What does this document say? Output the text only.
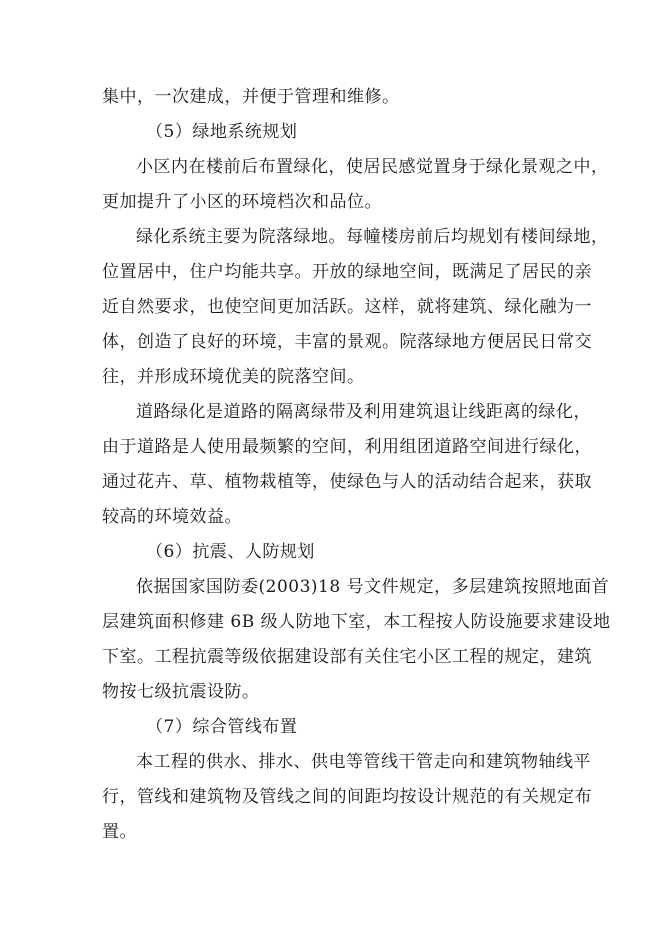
集中，一次建成，并便于管理和维修。
（5）绿地系统规划
小区内在楼前后布置绿化，使居民感觉置身于绿化景观之中，
更加提升了小区的环境档次和品位。
绿化系统主要为院落绿地。每幢楼房前后均规划有楼间绿地，
位置居中，住户均能共享。开放的绿地空间，既满足了居民的亲
近自然要求，也使空间更加活跃。这样，就将建筑、绿化融为一
体，创造了良好的环境，丰富的景观。院落绿地方便居民日常交
往，并形成环境优美的院落空间。
道路绿化是道路的隔离绿带及利用建筑退让线距离的绿化，
由于道路是人使用最频繁的空间，利用组团道路空间进行绿化，
通过花卉、草、植物栽植等，使绿色与人的活动结合起来，获取
较高的环境效益。
（6）抗震、人防规划
依据国家国防委(2003)18 号文件规定，多层建筑按照地面首
层建筑面积修建 6B 级人防地下室，本工程按人防设施要求建设地
下室。工程抗震等级依据建设部有关住宅小区工程的规定，建筑
物按七级抗震设防。
（7）综合管线布置
本工程的供水、排水、供电等管线干管走向和建筑物轴线平
行，管线和建筑物及管线之间的间距均按设计规范的有关规定布
置。
